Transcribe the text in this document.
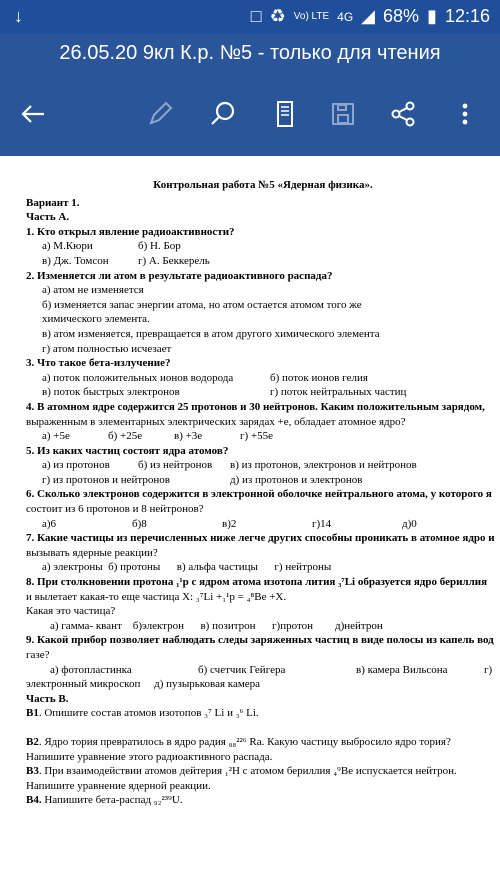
↓	□ ♻ Vo) LTE 4G ◢ 68% ▮ 12:16
26.05.20 9кл К.р. №5 - только для чтения
Контрольная работа №5 «Ядерная физика».
Вариант 1.
Часть А.
1. Кто открыл явление радиоактивности?
а) М.Кюри	б) Н. Бор
в) Дж. Томсон	г) А. Беккерель
2. Изменяется ли атом в результате радиоактивного распада?
а) атом не изменяется
б) изменяется запас энергии атома, но атом остается атомом того же
химического элемента.
в) атом изменяется, превращается в атом другого химического элемента
г) атом полностью исчезает
3. Что такое бета-излучение?
а) поток положительных ионов водорода	б) поток ионов гелия
в) поток быстрых электронов	г) поток нейтральных частиц
4. В атомном ядре содержится 25 протонов и 30 нейтронов. Каким положительным зарядом,
выраженным в элементарных электрических зарядах +е, обладает атомное ядро?
а) +5е	б) +25е	в) +3е	г) +55е
5. Из каких частиц состоят ядра атомов?
а) из протонов	б) из нейтронов в) из протонов, электронов и нейтронов
г) из протонов и нейтронов	д) из протонов и электронов
6. Сколько электронов содержится в электронной оболочке нейтрального атома, у которого я
состоит из 6 протонов и 8 нейтронов?
а)6	б)8	в)2	г)14	д)0
7. Какие частицы из перечисленных ниже легче других способны проникать в атомное ядро и
вызывать ядерные реакции?
а) электроны  б) протоны      в) альфа частицы      г) нейтроны
8. При столкновении протона ₁¹р с ядром атома изотопа лития ₃⁷Li образуется ядро бериллия
и вылетает какая-то еще частица Х: ₃⁷Li +₁¹p = ₄⁸Be +X.
Какая это частица?
а) гамма- квант    б)электрон      в) позитрон      г)протон        д)нейтрон
9. Какой прибор позволяет наблюдать следы заряженных частиц в виде полосы из капель вод
газе?
а) фотопластинка	б) счетчик Гейгера	в) камера Вильсона	г)
электронный микроскоп     д) пузырьковая камера
Часть В.
В1. Опишите состав атомов изотопов ₃⁷ Li и ₃⁶ Li.
В2. Ядро тория превратилось в ядро радия ₈₈²²⁶ Ra. Какую частицу выбросило ядро тория?
Напишите уравнение этого радиоактивного распада.
В3. При взаимодействии атомов дейтерия ₁²Н с атомом бериллия ₄⁹Ве испускается нейтрон.
Напишите уравнение ядерной реакции.
В4. Напишите бета-распад ₉₂²³⁹U.
